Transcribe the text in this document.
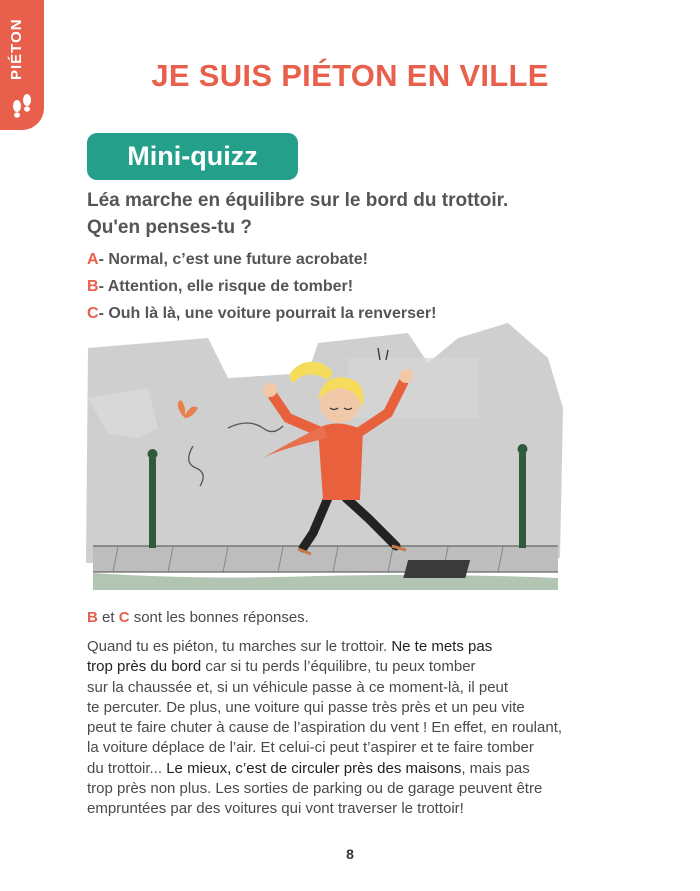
PIÉTON	JE SUIS PIÉTON EN VILLE
Mini-quizz
Léa marche en équilibre sur le bord du trottoir.
Qu'en penses-tu ?
A- Normal, c’est une future acrobate!
B- Attention, elle risque de tomber!
C- Ouh là là, une voiture pourrait la renverser!
B et C sont les bonnes réponses.
Quand tu es piéton, tu marches sur le trottoir. Ne te mets pas
trop près du bord car si tu perds l’équilibre, tu peux tomber
sur la chaussée et, si un véhicule passe à ce moment-là, il peut
te percuter. De plus, une voiture qui passe très près et un peu vite
peut te faire chuter à cause de l’aspiration du vent ! En effet, en roulant,
la voiture déplace de l’air. Et celui-ci peut t’aspirer et te faire tomber
du trottoir... Le mieux, c’est de circuler près des maisons, mais pas
trop près non plus. Les sorties de parking ou de garage peuvent être
empruntées par des voitures qui vont traverser le trottoir!
8
